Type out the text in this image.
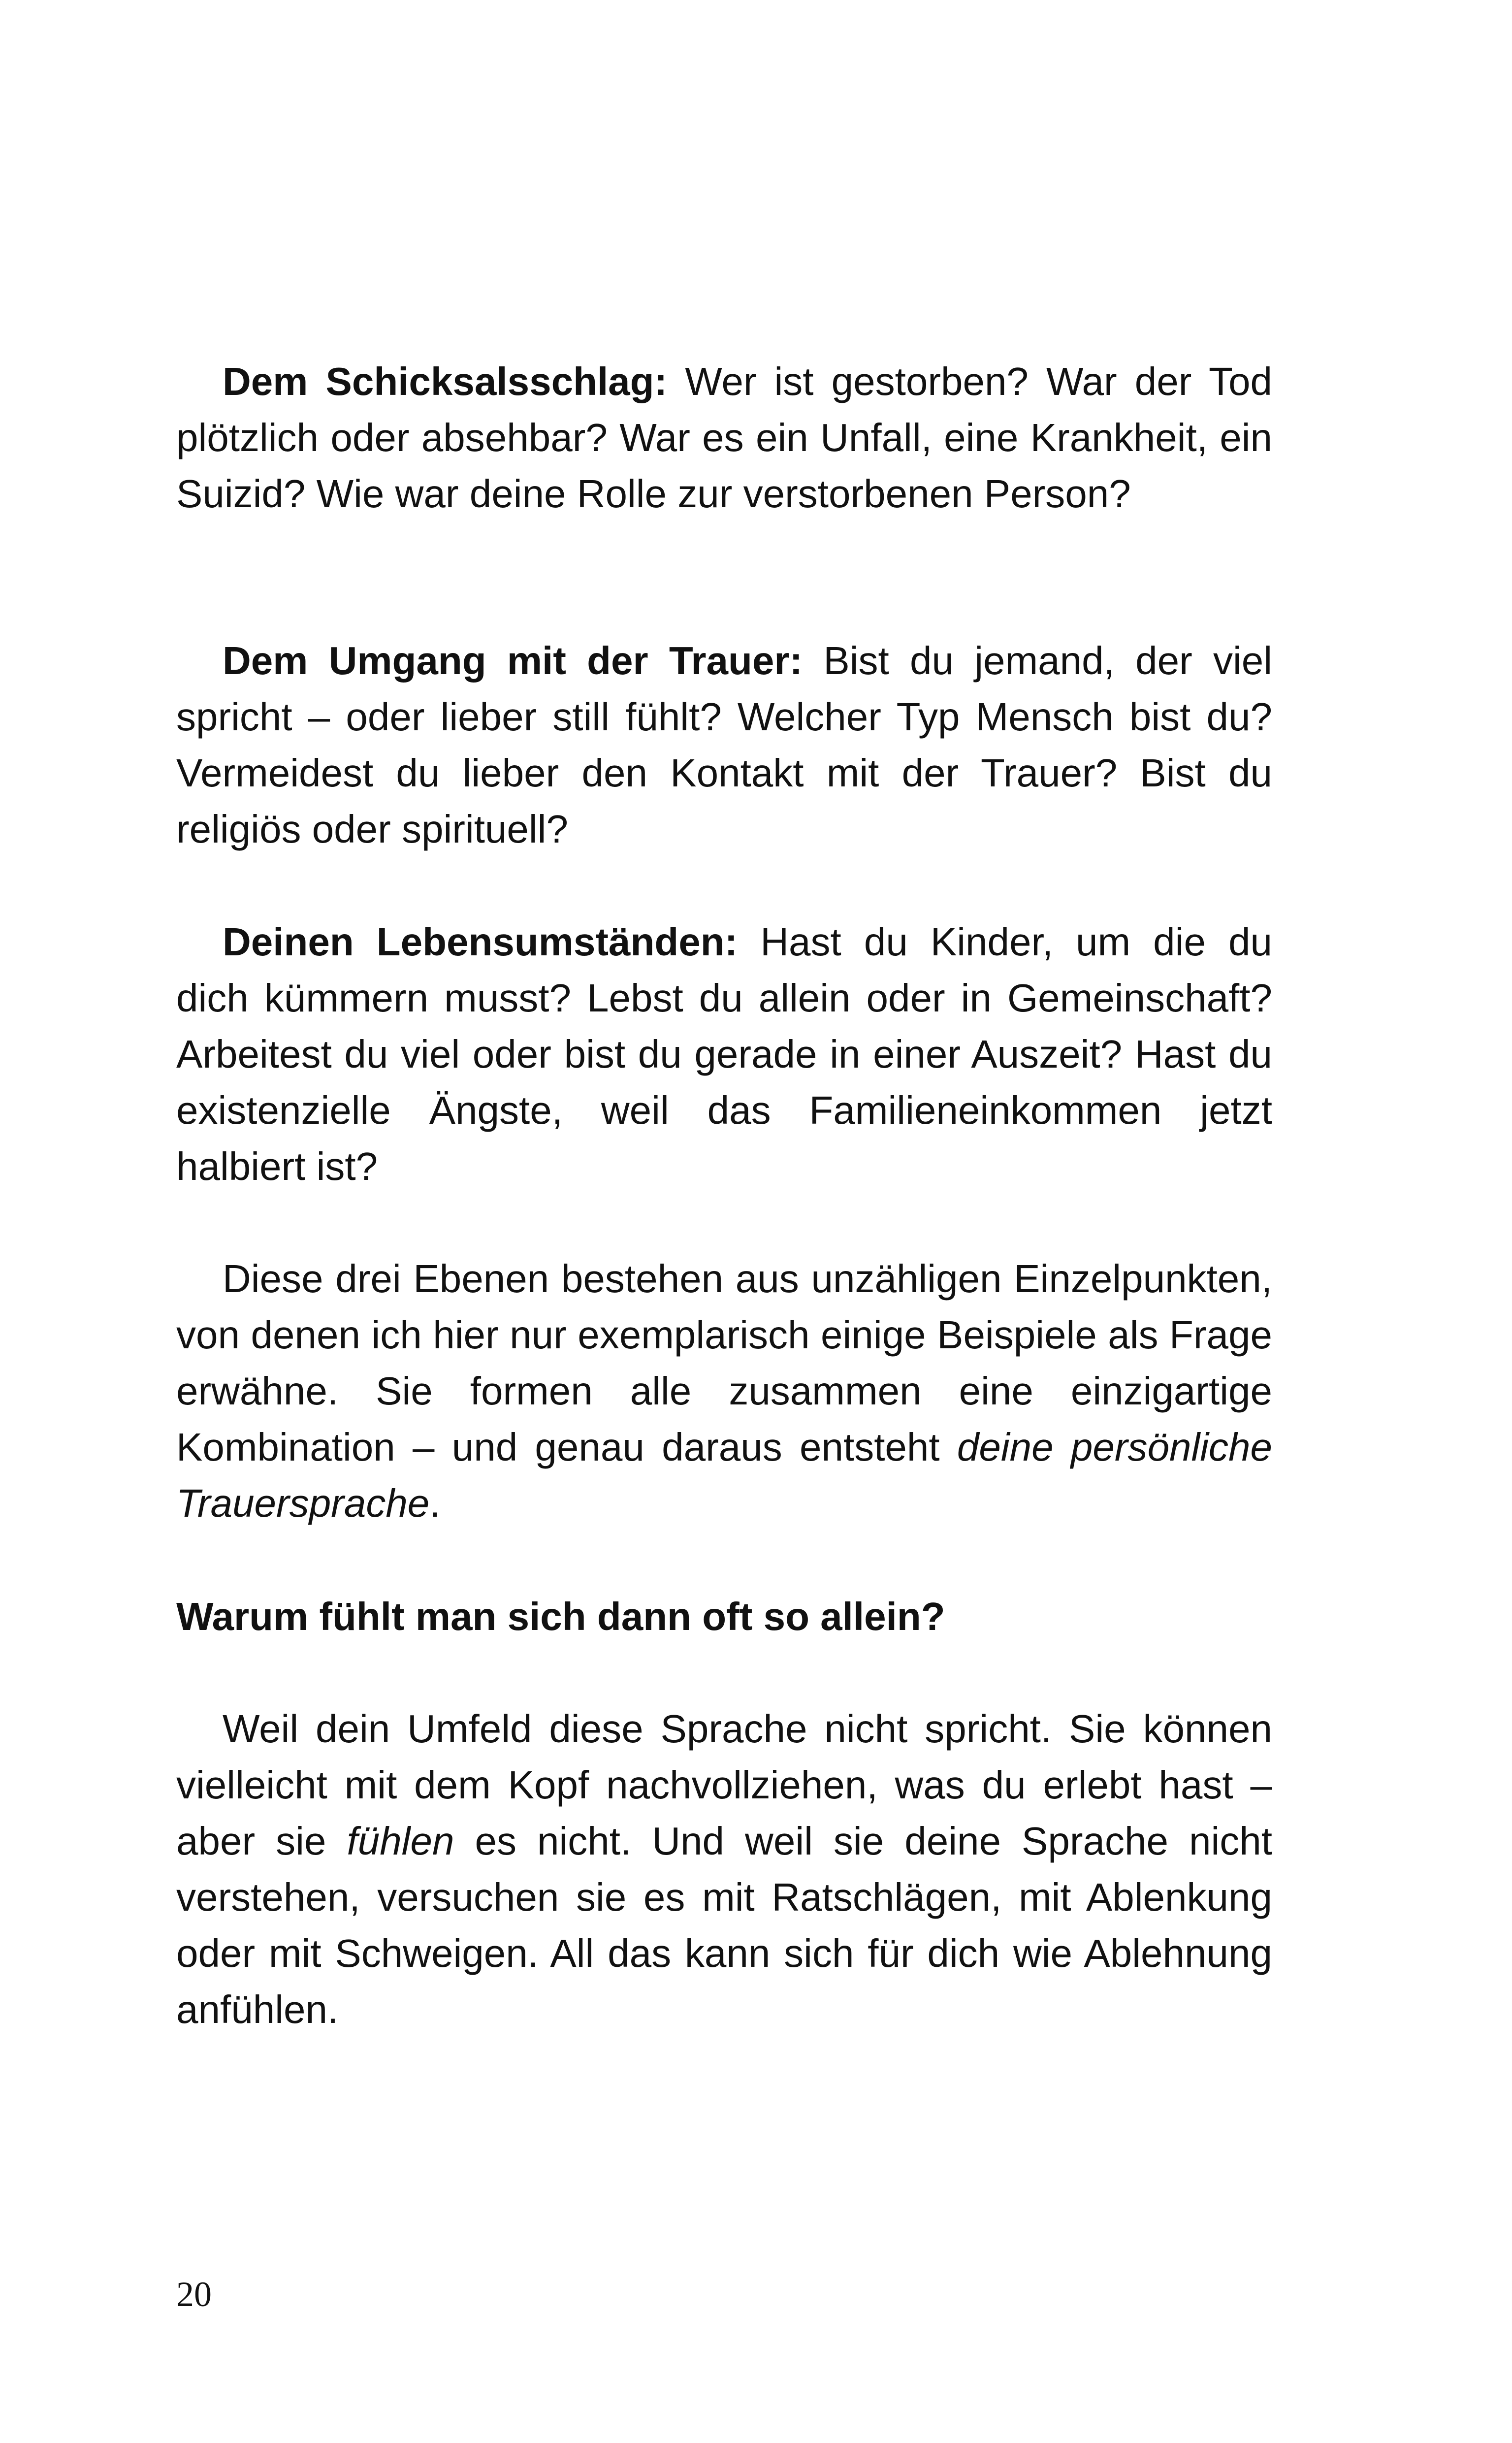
Dem Schicksalsschlag: Wer ist gestorben? War der Tod plötzlich oder absehbar? War es ein Unfall, eine Krankheit, ein Suizid? Wie war deine Rolle zur verstorbenen Person?

Dem Umgang mit der Trauer: Bist du jemand, der viel spricht – oder lieber still fühlt? Welcher Typ Mensch bist du? Vermeidest du lieber den Kontakt mit der Trauer? Bist du religiös oder spirituell?

Deinen Lebensumständen: Hast du Kinder, um die du dich kümmern musst? Lebst du allein oder in Gemeinschaft? Arbeitest du viel oder bist du gerade in einer Auszeit? Hast du existenzielle Ängste, weil das Familieneinkommen jetzt halbiert ist?

Diese drei Ebenen bestehen aus unzähligen Einzelpunkten, von denen ich hier nur exemplarisch einige Beispiele als Frage erwähne. Sie formen alle zusammen eine einzigartige Kombination – und genau daraus entsteht deine persönliche Trauersprache.

Warum fühlt man sich dann oft so allein?

Weil dein Umfeld diese Sprache nicht spricht. Sie können vielleicht mit dem Kopf nachvollziehen, was du erlebt hast – aber sie fühlen es nicht. Und weil sie deine Sprache nicht verstehen, versuchen sie es mit Ratschlägen, mit Ablenkung oder mit Schweigen. All das kann sich für dich wie Ablehnung anfühlen.

20
